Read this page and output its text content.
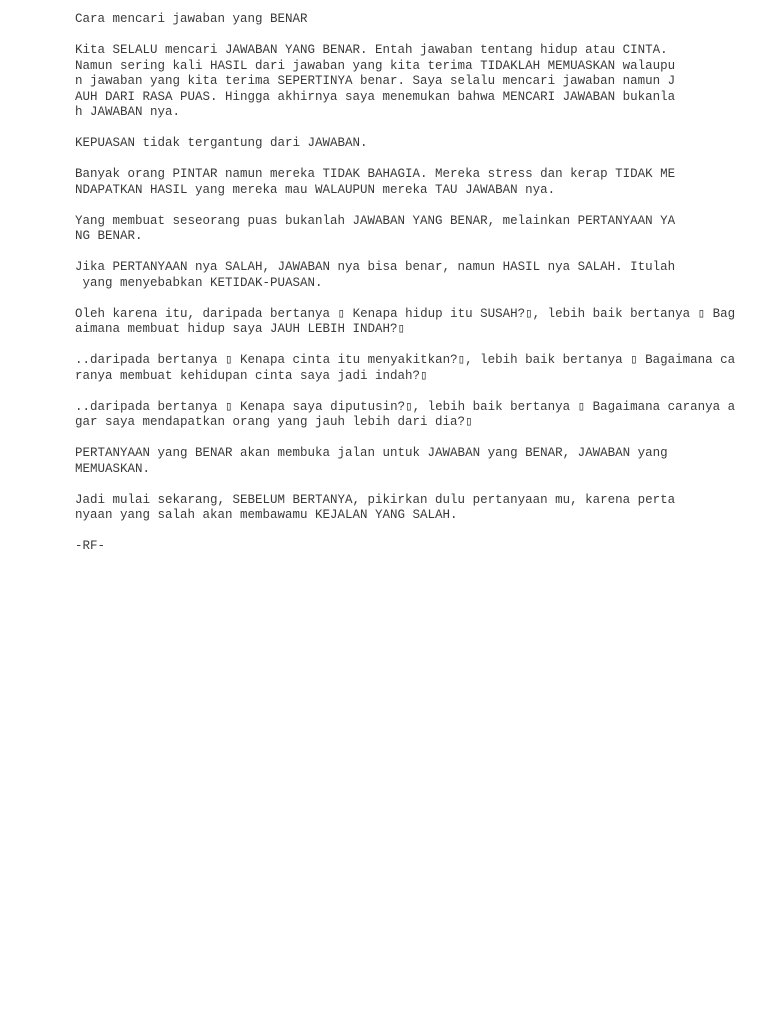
Cara mencari jawaban yang BENAR

Kita SELALU mencari JAWABAN YANG BENAR. Entah jawaban tentang hidup atau CINTA.
Namun sering kali HASIL dari jawaban yang kita terima TIDAKLAH MEMUASKAN walaupu
n jawaban yang kita terima SEPERTINYA benar. Saya selalu mencari jawaban namun J
AUH DARI RASA PUAS. Hingga akhirnya saya menemukan bahwa MENCARI JAWABAN bukanla
h JAWABAN nya.

KEPUASAN tidak tergantung dari JAWABAN.

Banyak orang PINTAR namun mereka TIDAK BAHAGIA. Mereka stress dan kerap TIDAK ME
NDAPATKAN HASIL yang mereka mau WALAUPUN mereka TAU JAWABAN nya.

Yang membuat seseorang puas bukanlah JAWABAN YANG BENAR, melainkan PERTANYAAN YA
NG BENAR.

Jika PERTANYAAN nya SALAH, JAWABAN nya bisa benar, namun HASIL nya SALAH. Itulah
yang menyebabkan KETIDAK-PUASAN.

Oleh karena itu, daripada bertanya ▯ Kenapa hidup itu SUSAH?▯, lebih baik bertanya ▯ Bag
aimana membuat hidup saya JAUH LEBIH INDAH?▯

..daripada bertanya ▯ Kenapa cinta itu menyakitkan?▯, lebih baik bertanya ▯ Bagaimana ca
ranya membuat kehidupan cinta saya jadi indah?▯

..daripada bertanya ▯ Kenapa saya diputusin?▯, lebih baik bertanya ▯ Bagaimana caranya a
gar saya mendapatkan orang yang jauh lebih dari dia?▯

PERTANYAAN yang BENAR akan membuka jalan untuk JAWABAN yang BENAR, JAWABAN yang
MEMUASKAN.

Jadi mulai sekarang, SEBELUM BERTANYA, pikirkan dulu pertanyaan mu, karena perta
nyaan yang salah akan membawamu KEJALAN YANG SALAH.

-RF-
